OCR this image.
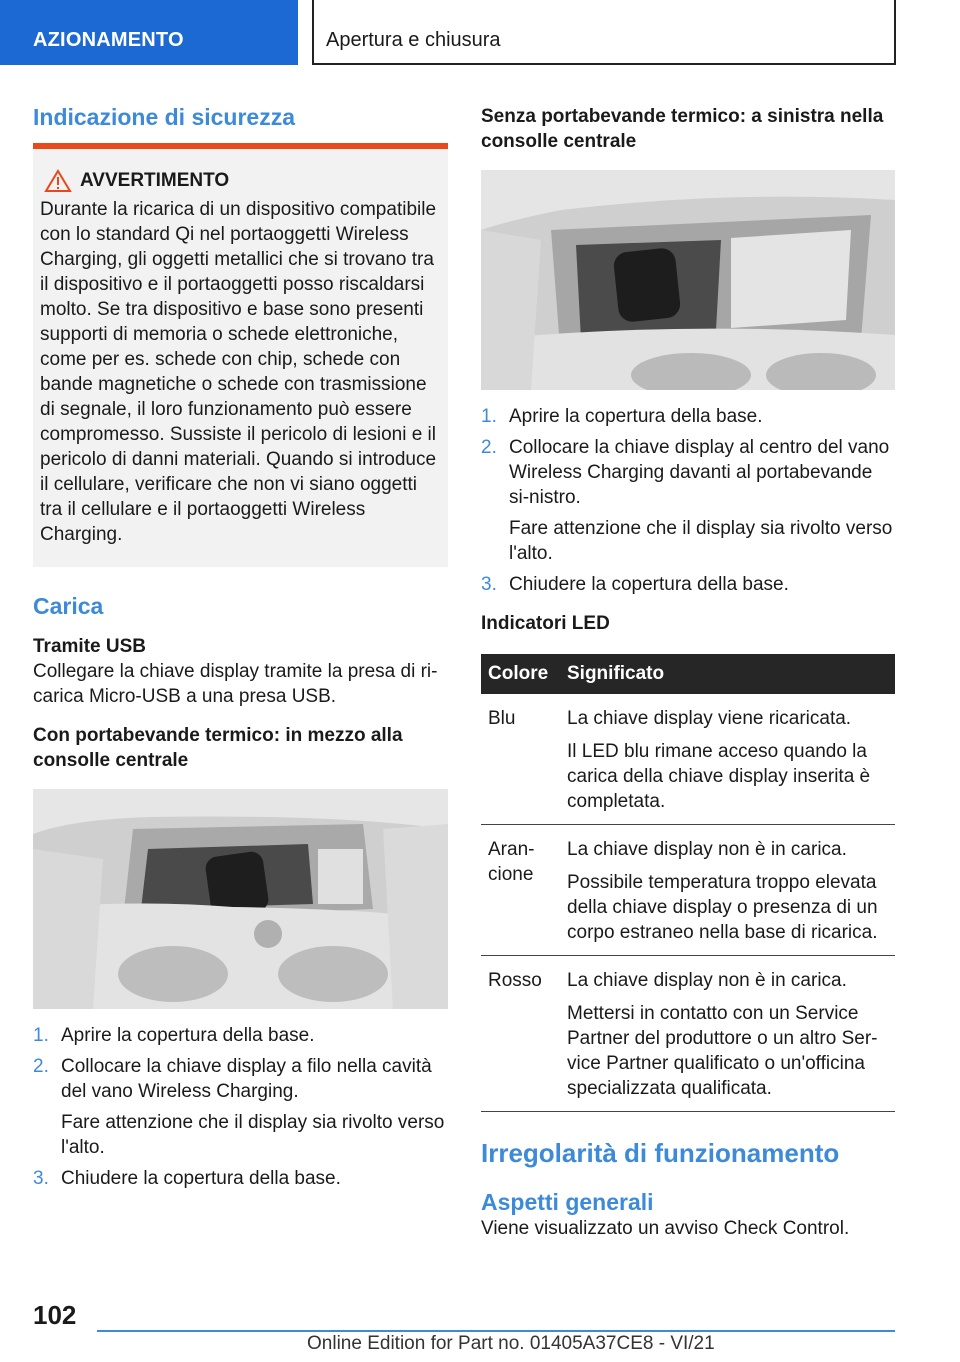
AZIONAMENTO	Apertura e chiusura
Indicazione di sicurezza
AVVERTIMENTO

Durante la ricarica di un dispositivo compatibile con lo standard Qi nel portaoggetti Wireless Charging, gli oggetti metallici che si trovano tra il dispositivo e il portaoggetti posso riscaldarsi molto. Se tra dispositivo e base sono presenti supporti di memoria o schede elettroniche, come per es. schede con chip, schede con bande magnetiche o schede con trasmissione di segnale, il loro funzionamento può essere compromesso. Sussiste il pericolo di lesioni e il pericolo di danni materiali. Quando si introduce il cellulare, verificare che non vi siano oggetti tra il cellulare e il portaoggetti Wireless Charging.

Carica
Tramite USB

Collegare la chiave display tramite la presa di ri-carica Micro-USB a una presa USB.

Con portabevande termico: in mezzo alla consolle centrale
1. Aprire la copertura della base.
2. Collocare la chiave display a filo nella cavità del vano Wireless Charging.
Fare attenzione che il display sia rivolto verso l'alto.
3. Chiudere la copertura della base.
Senza portabevande termico: a sinistra nella consolle centrale
1. Aprire la copertura della base.
2. Collocare la chiave display al centro del vano Wireless Charging davanti al portabevande si-nistro.
Fare attenzione che il display sia rivolto verso l'alto.
3. Chiudere la copertura della base.
Indicatori LED
Colore	Significato
Blu	La chiave display viene ricaricata.
Il LED blu rimane acceso quando la carica della chiave display inserita è completata.

Aran-cione	La chiave display non è in carica.
Possibile temperatura troppo elevata della chiave display o presenza di un corpo estraneo nella base di ricarica.

Rosso	La chiave display non è in carica.
Mettersi in contatto con un Service Partner del produttore o un altro Ser-vice Partner qualificato o un'officina specializzata qualificata.
Irregolarità di funzionamento
Aspetti generali

Viene visualizzato un avviso Check Control.

102
Online Edition for Part no. 01405A37CE8 - VI/21
